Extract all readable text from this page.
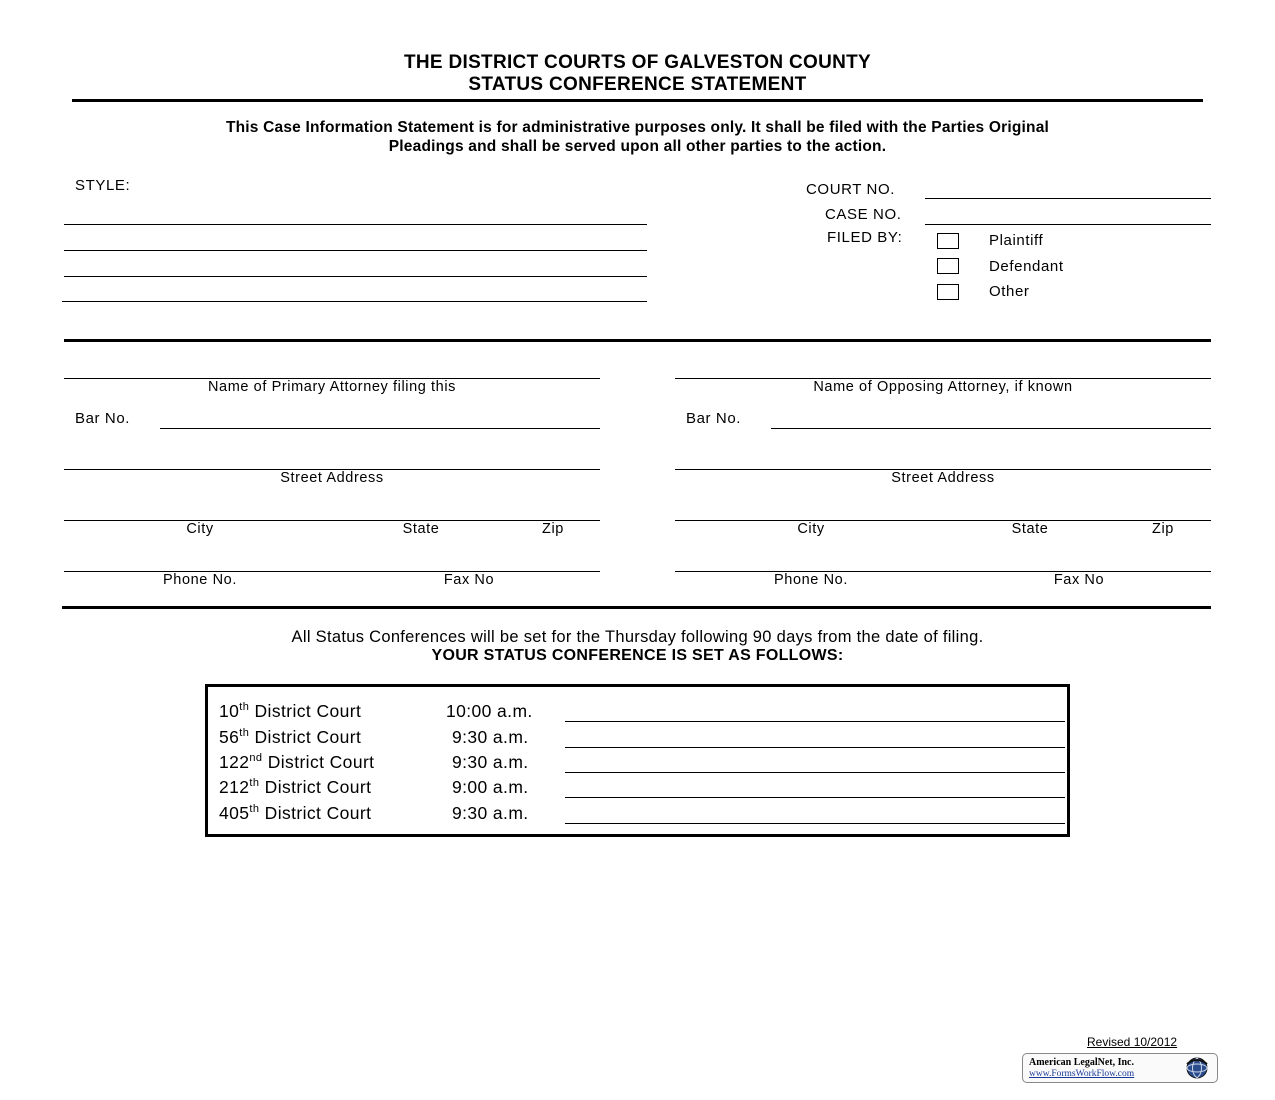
THE DISTRICT COURTS OF GALVESTON COUNTY
STATUS CONFERENCE STATEMENT
This Case Information Statement is for administrative purposes only. It shall be filed with the Parties Original
Pleadings and shall be served upon all other parties to the action.
STYLE:	COURT NO.
CASE NO.
FILED BY:	Plaintiff
Defendant
Other
Name of Primary Attorney filing this
Bar No.
Street Address
City	State	Zip
Phone No.	Fax No
Name of Opposing Attorney, if known
Bar No.
Street Address
City	State	Zip
Phone No.	Fax No
All Status Conferences will be set for the Thursday following 90 days from the date of filing.
YOUR STATUS CONFERENCE IS SET AS FOLLOWS:
10th District Court	10:00 a.m.
56th District Court	9:30 a.m.
122nd District Court	9:30 a.m.
212th District Court	9:00 a.m.
405th District Court	9:30 a.m.
Revised 10/2012
American LegalNet, Inc.
www.FormsWorkFlow.com
